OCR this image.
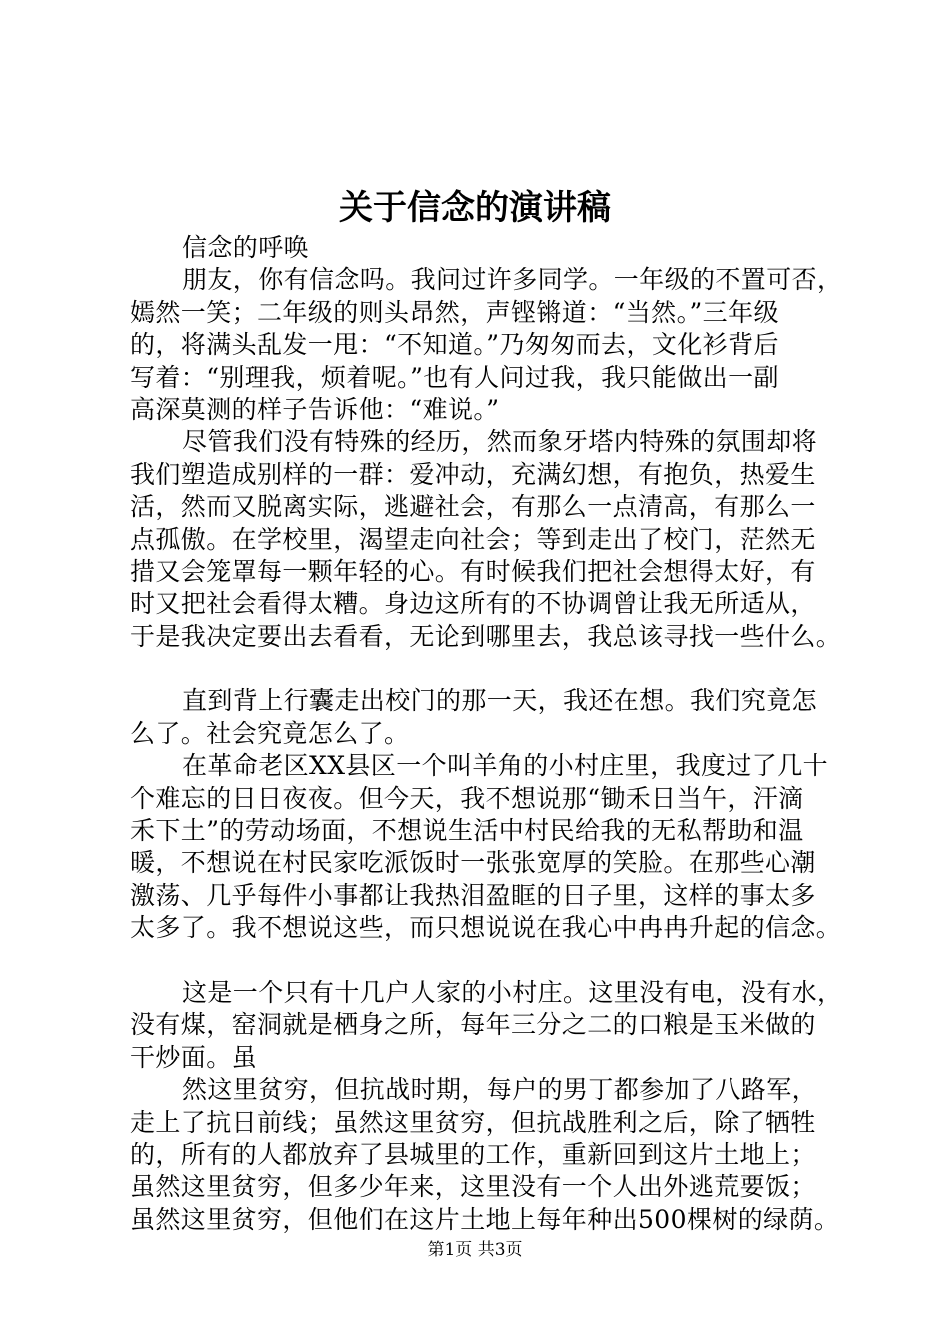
关于信念的演讲稿
信念的呼唤
朋友，你有信念吗。我问过许多同学。一年级的不置可否，
嫣然一笑；二年级的则头昂然，声铿锵道：“当然。”三年级
的，将满头乱发一甩：“不知道。”乃匆匆而去，文化衫背后
写着：“别理我，烦着呢。”也有人问过我，我只能做出一副
高深莫测的样子告诉他：“难说。”
尽管我们没有特殊的经历，然而象牙塔内特殊的氛围却将
我们塑造成别样的一群：爱冲动，充满幻想，有抱负，热爱生
活，然而又脱离实际，逃避社会，有那么一点清高，有那么一
点孤傲。在学校里，渴望走向社会；等到走出了校门，茫然无
措又会笼罩每一颗年轻的心。有时候我们把社会想得太好，有
时又把社会看得太糟。身边这所有的不协调曾让我无所适从，
于是我决定要出去看看，无论到哪里去，我总该寻找一些什么。
直到背上行囊走出校门的那一天，我还在想。我们究竟怎
么了。社会究竟怎么了。
在革命老区XX县区一个叫羊角的小村庄里，我度过了几十
个难忘的日日夜夜。但今天，我不想说那“锄禾日当午，汗滴
禾下土”的劳动场面，不想说生活中村民给我的无私帮助和温
暖，不想说在村民家吃派饭时一张张宽厚的笑脸。在那些心潮
激荡、几乎每件小事都让我热泪盈眶的日子里，这样的事太多
太多了。我不想说这些，而只想说说在我心中冉冉升起的信念。
这是一个只有十几户人家的小村庄。这里没有电，没有水，
没有煤，窑洞就是栖身之所，每年三分之二的口粮是玉米做的
干炒面。虽
然这里贫穷，但抗战时期，每户的男丁都参加了八路军，
走上了抗日前线；虽然这里贫穷，但抗战胜利之后，除了牺牲
的，所有的人都放弃了县城里的工作，重新回到这片土地上；
虽然这里贫穷，但多少年来，这里没有一个人出外逃荒要饭；
虽然这里贫穷，但他们在这片土地上每年种出500棵树的绿荫。
第1页 共3页
